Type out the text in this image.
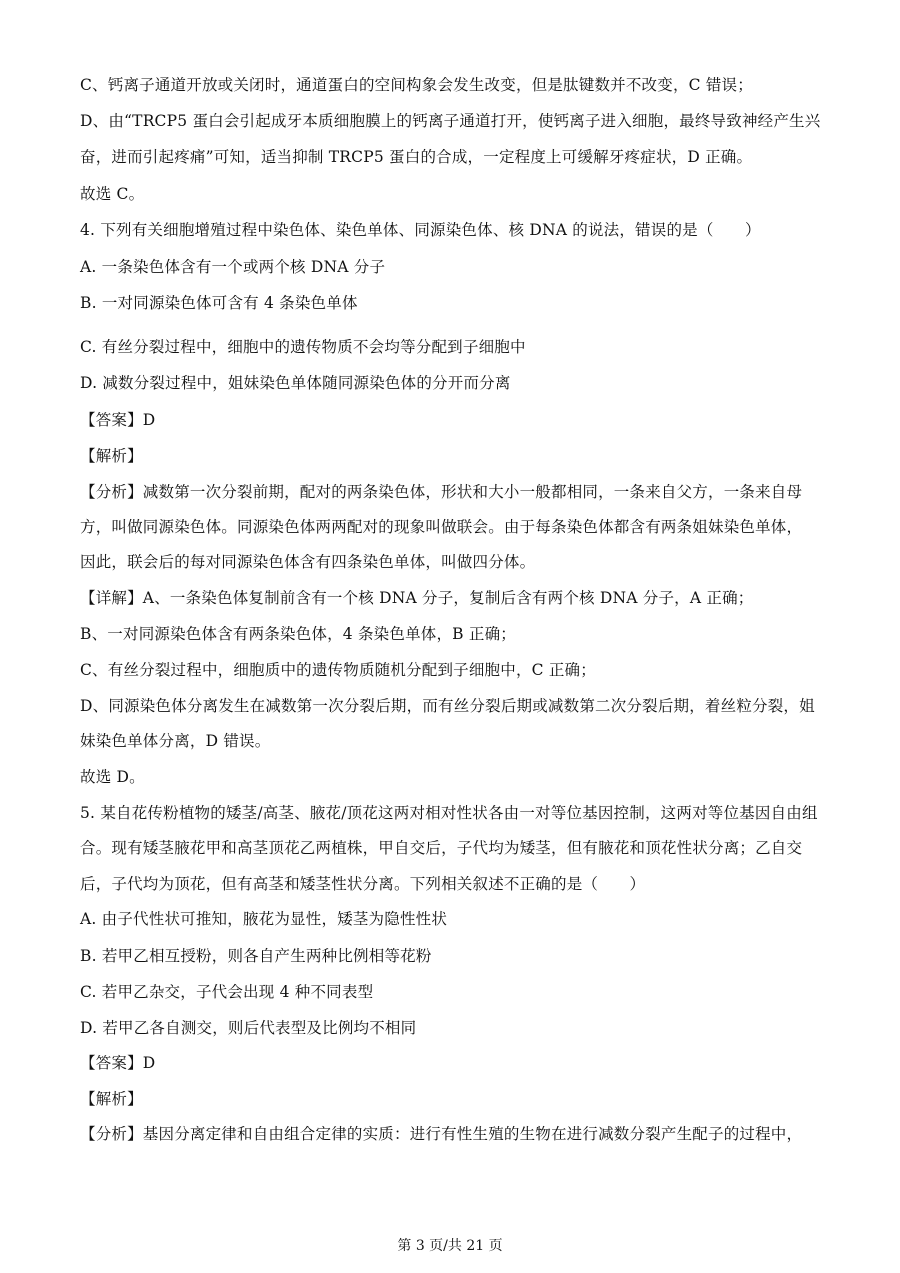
C、钙离子通道开放或关闭时，通道蛋白的空间构象会发生改变，但是肽键数并不改变，C 错误；
D、由“TRCP5 蛋白会引起成牙本质细胞膜上的钙离子通道打开，使钙离子进入细胞，最终导致神经产生兴
奋，进而引起疼痛”可知，适当抑制 TRCP5 蛋白的合成，一定程度上可缓解牙疼症状，D 正确。
故选 C。
4. 下列有关细胞增殖过程中染色体、染色单体、同源染色体、核 DNA 的说法，错误的是（　　）
A. 一条染色体含有一个或两个核 DNA 分子
B. 一对同源染色体可含有 4 条染色单体
C. 有丝分裂过程中，细胞中的遗传物质不会均等分配到子细胞中
D. 减数分裂过程中，姐妹染色单体随同源染色体的分开而分离
【答案】D
【解析】
【分析】减数第一次分裂前期，配对的两条染色体，形状和大小一般都相同，一条来自父方，一条来自母
方，叫做同源染色体。同源染色体两两配对的现象叫做联会。由于每条染色体都含有两条姐妹染色单体，
因此，联会后的每对同源染色体含有四条染色单体，叫做四分体。
【详解】A、一条染色体复制前含有一个核 DNA 分子，复制后含有两个核 DNA 分子，A 正确；
B、一对同源染色体含有两条染色体，4 条染色单体，B 正确；
C、有丝分裂过程中，细胞质中的遗传物质随机分配到子细胞中，C 正确；
D、同源染色体分离发生在减数第一次分裂后期，而有丝分裂后期或减数第二次分裂后期，着丝粒分裂，姐
妹染色单体分离，D 错误。
故选 D。
5. 某自花传粉植物的矮茎/高茎、腋花/顶花这两对相对性状各由一对等位基因控制，这两对等位基因自由组
合。现有矮茎腋花甲和高茎顶花乙两植株，甲自交后，子代均为矮茎，但有腋花和顶花性状分离；乙自交
后，子代均为顶花，但有高茎和矮茎性状分离。下列相关叙述不正确的是（　　）
A. 由子代性状可推知，腋花为显性，矮茎为隐性性状
B. 若甲乙相互授粉，则各自产生两种比例相等花粉
C. 若甲乙杂交，子代会出现 4 种不同表型
D. 若甲乙各自测交，则后代表型及比例均不相同
【答案】D
【解析】
【分析】基因分离定律和自由组合定律的实质：进行有性生殖的生物在进行减数分裂产生配子的过程中，
第 3 页/共 21 页
